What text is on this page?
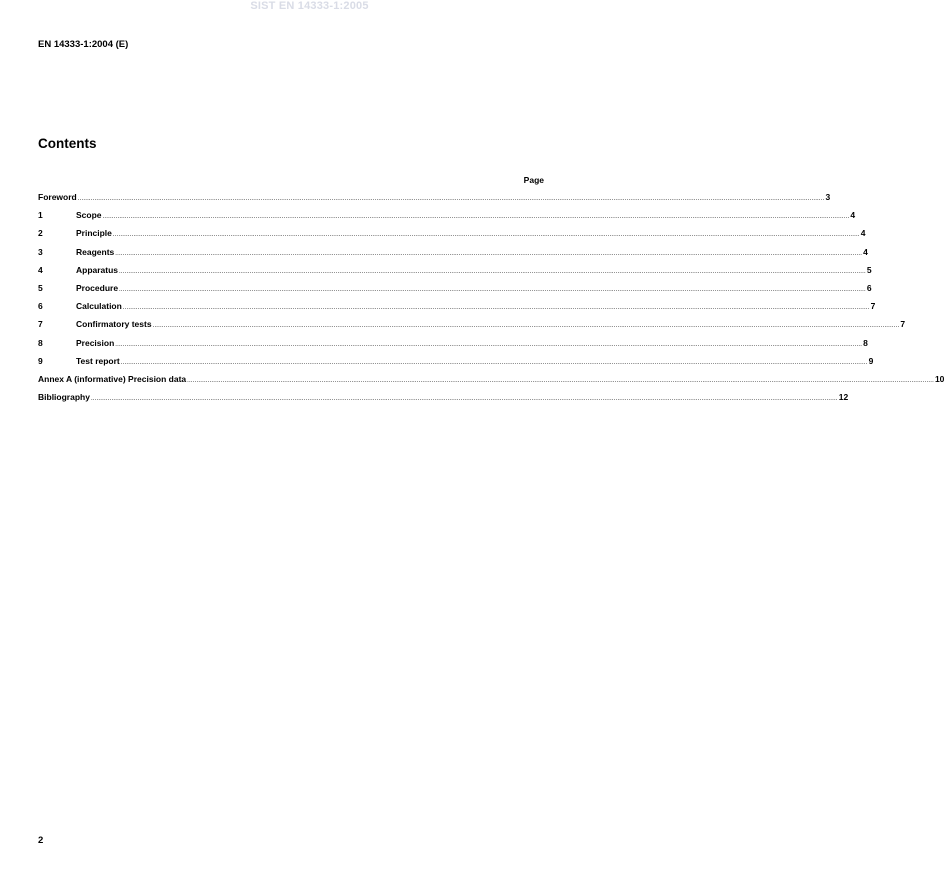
SIST EN 14333-1:2005
EN 14333-1:2004 (E)
Contents
Page
Foreword ................................................................................................................................................................................................................................................................................................................................................................................................................ 3
1	Scope ................................................................................................................................................................................................................................................................................................................................................................................................................ 4
2	Principle ................................................................................................................................................................................................................................................................................................................................................................................................................ 4
3	Reagents ................................................................................................................................................................................................................................................................................................................................................................................................................ 4
4	Apparatus ................................................................................................................................................................................................................................................................................................................................................................................................................ 5
5	Procedure ................................................................................................................................................................................................................................................................................................................................................................................................................ 6
6	Calculation ................................................................................................................................................................................................................................................................................................................................................................................................................ 7
7	Confirmatory tests ................................................................................................................................................................................................................................................................................................................................................................................................................ 7
8	Precision ................................................................................................................................................................................................................................................................................................................................................................................................................ 8
9	Test report ................................................................................................................................................................................................................................................................................................................................................................................................................ 9
Annex A (informative) Precision data ................................................................................................................................................................................................................................................................................................................................................................................................................ 10
Bibliography ................................................................................................................................................................................................................................................................................................................................................................................................................ 12
2
